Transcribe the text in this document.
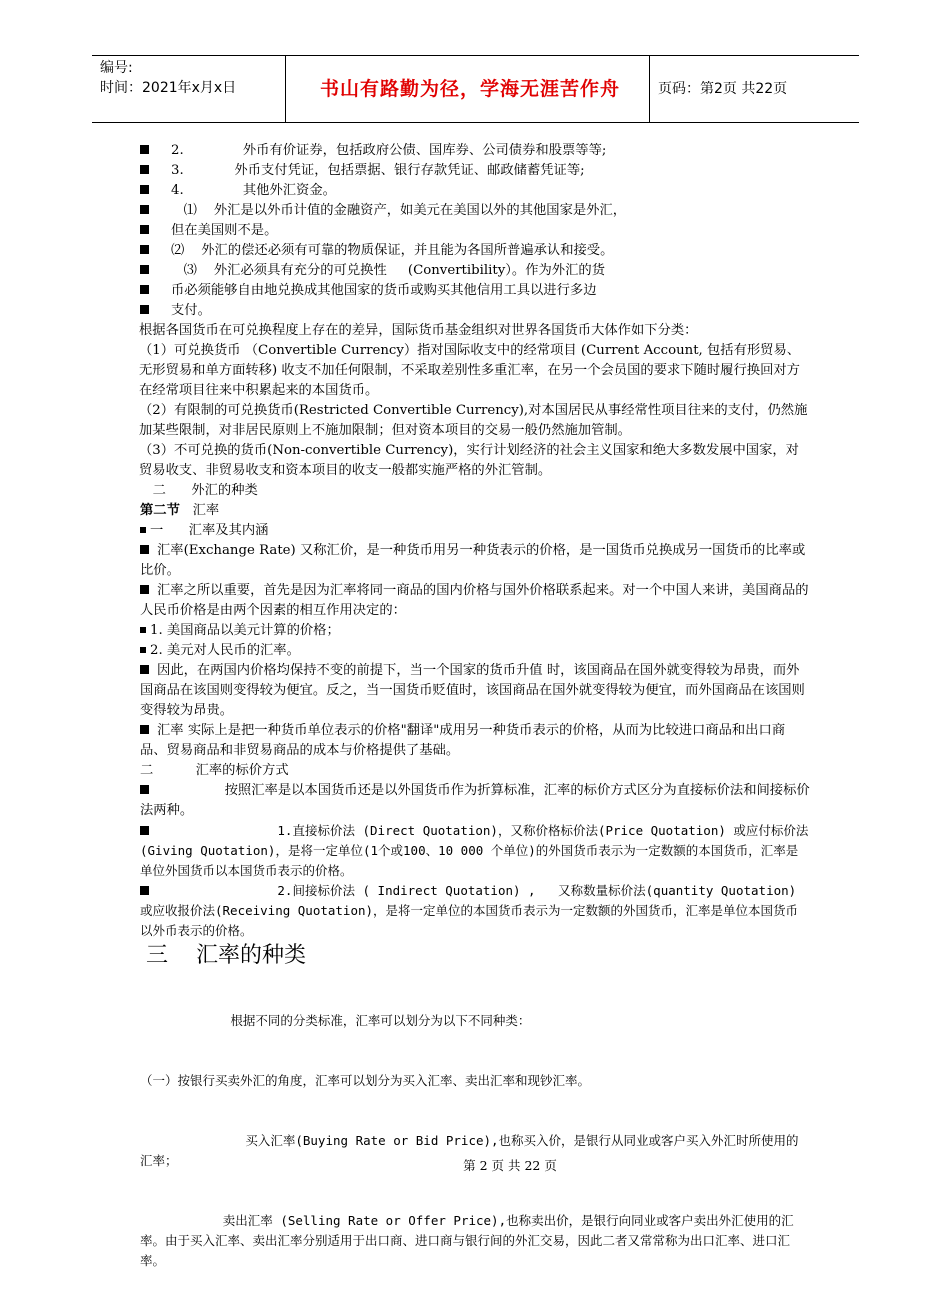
编号:
时间：2021年x月x日	书山有路勤为径，学海无涯苦作舟	页码：第2页 共22页
2.              外币有价证券，包括政府公债、国库券、公司债券和股票等等;
3.            外币支付凭证，包括票据、银行存款凭证、邮政储蓄凭证等;
4.              其他外汇资金。
⑴    外汇是以外币计值的金融资产，如美元在美国以外的其他国家是外汇，
但在美国则不是。
⑵    外汇的偿还必须有可靠的物质保证，并且能为各国所普遍承认和接受。
⑶    外汇必须具有充分的可兑换性     (Convertibility）。作为外汇的货
币必须能够自由地兑换成其他国家的货币或购买其他信用工具以进行多边
支付。
根据各国货币在可兑换程度上存在的差异，国际货币基金组织对世界各国货币大体作如下分类：
（1）可兑换货币 （Convertible Currency）指对国际收支中的经常项目 (Current Account, 包括有形贸易、无形贸易和单方面转移) 收支不加任何限制，不采取差别性多重汇率，在另一个会员国的要求下随时履行换回对方在经常项目往来中积累起来的本国货币。
（2）有限制的可兑换货币(Restricted Convertible Currency),对本国居民从事经常性项目往来的支付，仍然施加某些限制，对非居民原则上不施加限制；但对资本项目的交易一般仍然施加管制。
（3）不可兑换的货币(Non-convertible Currency)，实行计划经济的社会主义国家和绝大多数发展中国家，对贸易收支、非贸易收支和资本项目的收支一般都实施严格的外汇管制。
二      外汇的种类
第二节   汇率
一      汇率及其内涵
汇率(Exchange Rate) 又称汇价，是一种货币用另一种货表示的价格，是一国货币兑换成另一国货币的比率或比价。
汇率之所以重要，首先是因为汇率将同一商品的国内价格与国外价格联系起来。对一个中国人来讲，美国商品的人民币价格是由两个因素的相互作用决定的：
1. 美国商品以美元计算的价格；
2. 美元对人民币的汇率。
因此，在两国内价格均保持不变的前提下，当一个国家的货币升值 时，该国商品在国外就变得较为昂贵，而外国商品在该国则变得较为便宜。反之，当一国货币贬值时，该国商品在国外就变得较为便宜，而外国商品在该国则变得较为昂贵。
汇率 实际上是把一种货币单位表示的价格"翻译"成用另一种货币表示的价格，从而为比较进口商品和出口商品、贸易商品和非贸易商品的成本与价格提供了基础。
二          汇率的标价方式
按照汇率是以本国货币还是以外国货币作为折算标准，汇率的标价方式区分为直接标价法和间接标价法两种。
1.直接标价法 (Direct Quotation)，又称价格标价法(Price Quotation) 或应付标价法 (Giving Quotation)，是将一定单位(1个或100、10 000 个单位)的外国货币表示为一定数额的本国货币，汇率是单位外国货币以本国货币表示的价格。
2.间接标价法 ( Indirect Quotation) ,   又称数量标价法(quantity Quotation) 或应收报价法(Receiving Quotation)，是将一定单位的本国货币表示为一定数额的外国货币，汇率是单位本国货币以外币表示的价格。
三    汇率的种类

根据不同的分类标准，汇率可以划分为以下不同种类：

（一）按银行买卖外汇的角度，汇率可以划分为买入汇率、卖出汇率和现钞汇率。

买入汇率(Buying Rate or Bid Price),也称买入价，是银行从同业或客户买入外汇时所使用的汇率；

卖出汇率 (Selling Rate or Offer Price),也称卖出价，是银行向同业或客户卖出外汇使用的汇率。由于买入汇率、卖出汇率分别适用于出口商、进口商与银行间的外汇交易，因此二者又常常称为出口汇率、进口汇率。

第 2 页 共 22 页
